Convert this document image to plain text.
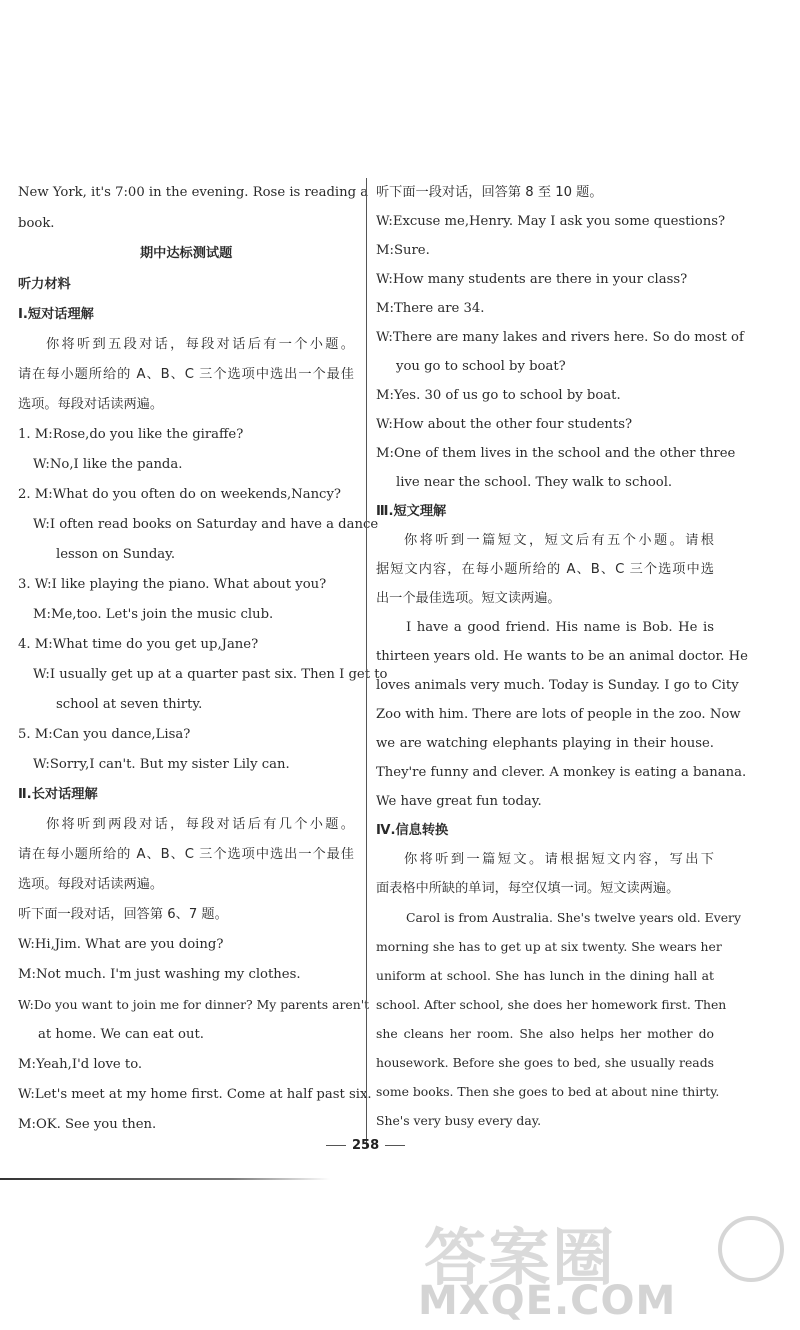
New York, it's 7:00 in the evening. Rose is reading a
book.
期中达标测试题
听力材料
Ⅰ.短对话理解
你将听到五段对话，每段对话后有一个小题。
请在每小题所给的 A、B、C 三个选项中选出一个最佳
选项。每段对话读两遍。
1. M:Rose,do you like the giraffe?
W:No,I like the panda.
2. M:What do you often do on weekends,Nancy?
W:I often read books on Saturday and have a dance
lesson on Sunday.
3. W:I like playing the piano. What about you?
M:Me,too. Let's join the music club.
4. M:What time do you get up,Jane?
W:I usually get up at a quarter past six. Then I get to
school at seven thirty.
5. M:Can you dance,Lisa?
W:Sorry,I can't. But my sister Lily can.
Ⅱ.长对话理解
你将听到两段对话，每段对话后有几个小题。
请在每小题所给的 A、B、C 三个选项中选出一个最佳
选项。每段对话读两遍。
听下面一段对话，回答第 6、7 题。
W:Hi,Jim. What are you doing?
M:Not much. I'm just washing my clothes.
W:Do you want to join me for dinner? My parents aren't
at home. We can eat out.
M:Yeah,I'd love to.
W:Let's meet at my home first. Come at half past six.
M:OK. See you then.
听下面一段对话，回答第 8 至 10 题。
W:Excuse me,Henry. May I ask you some questions?
M:Sure.
W:How many students are there in your class?
M:There are 34.
W:There are many lakes and rivers here. So do most of
you go to school by boat?
M:Yes. 30 of us go to school by boat.
W:How about the other four students?
M:One of them lives in the school and the other three
live near the school. They walk to school.
Ⅲ.短文理解
你将听到一篇短文，短文后有五个小题。请根
据短文内容，在每小题所给的 A、B、C 三个选项中选
出一个最佳选项。短文读两遍。
I have a good friend. His name is Bob. He is
thirteen years old. He wants to be an animal doctor. He
loves animals very much. Today is Sunday. I go to City
Zoo with him. There are lots of people in the zoo. Now
we are watching elephants playing in their house.
They're funny and clever. A monkey is eating a banana.
We have great fun today.
Ⅳ.信息转换
你将听到一篇短文。请根据短文内容，写出下
面表格中所缺的单词，每空仅填一词。短文读两遍。
Carol is from Australia. She's twelve years old. Every
morning she has to get up at six twenty. She wears her
uniform at school. She has lunch in the dining hall at
school. After school, she does her homework first. Then
she cleans her room. She also helps her mother do
housework. Before she goes to bed, she usually reads
some books. Then she goes to bed at about nine thirty.
She's very busy every day.
258
答案圈
MXQE.COM
